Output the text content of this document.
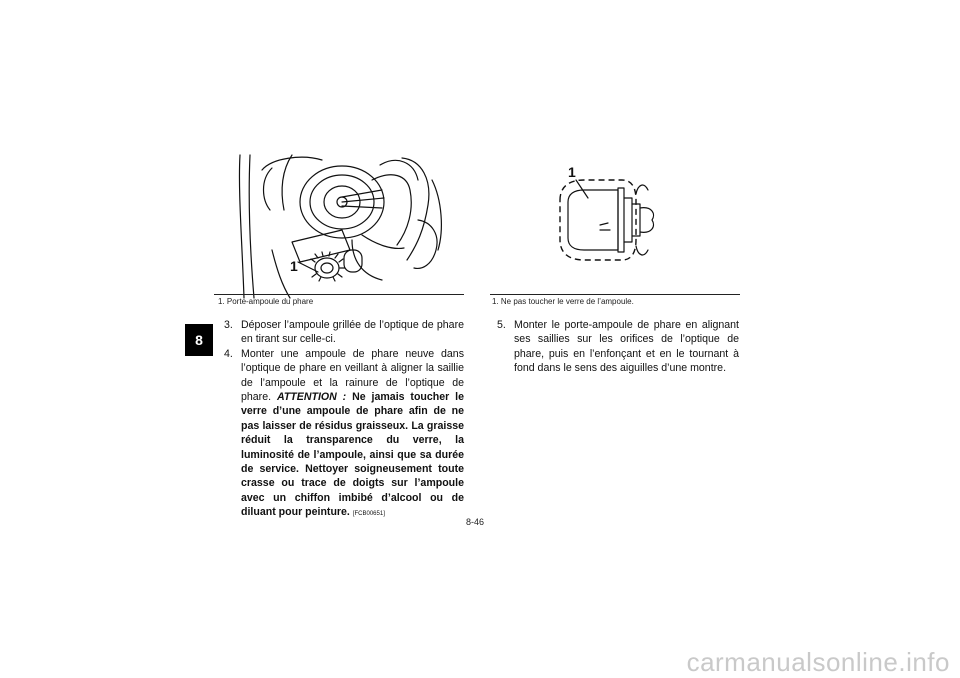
8
1
1. Porte-ampoule du phare
1
1. Ne pas toucher le verre de l’ampoule.
3. Déposer l’ampoule grillée de l’optique de phare en tirant sur celle-ci.
4. Monter une ampoule de phare neuve dans l’optique de phare en veillant à aligner la saillie de l’ampoule et la rainure de l’optique de phare. ATTENTION : Ne jamais toucher le verre d’une ampoule de phare afin de ne pas laisser de résidus graisseux. La graisse réduit la transparence du verre, la luminosité de l’ampoule, ainsi que sa durée de service. Nettoyer soigneusement toute crasse ou trace de doigts sur l’ampoule avec un chiffon imbibé d’alcool ou de diluant pour peinture. [FCB00651]
5. Monter le porte-ampoule de phare en alignant ses saillies sur les orifices de l’optique de phare, puis en l’enfonçant et en le tournant à fond dans le sens des aiguilles d’une montre.
8-46
carmanualsonline.info
